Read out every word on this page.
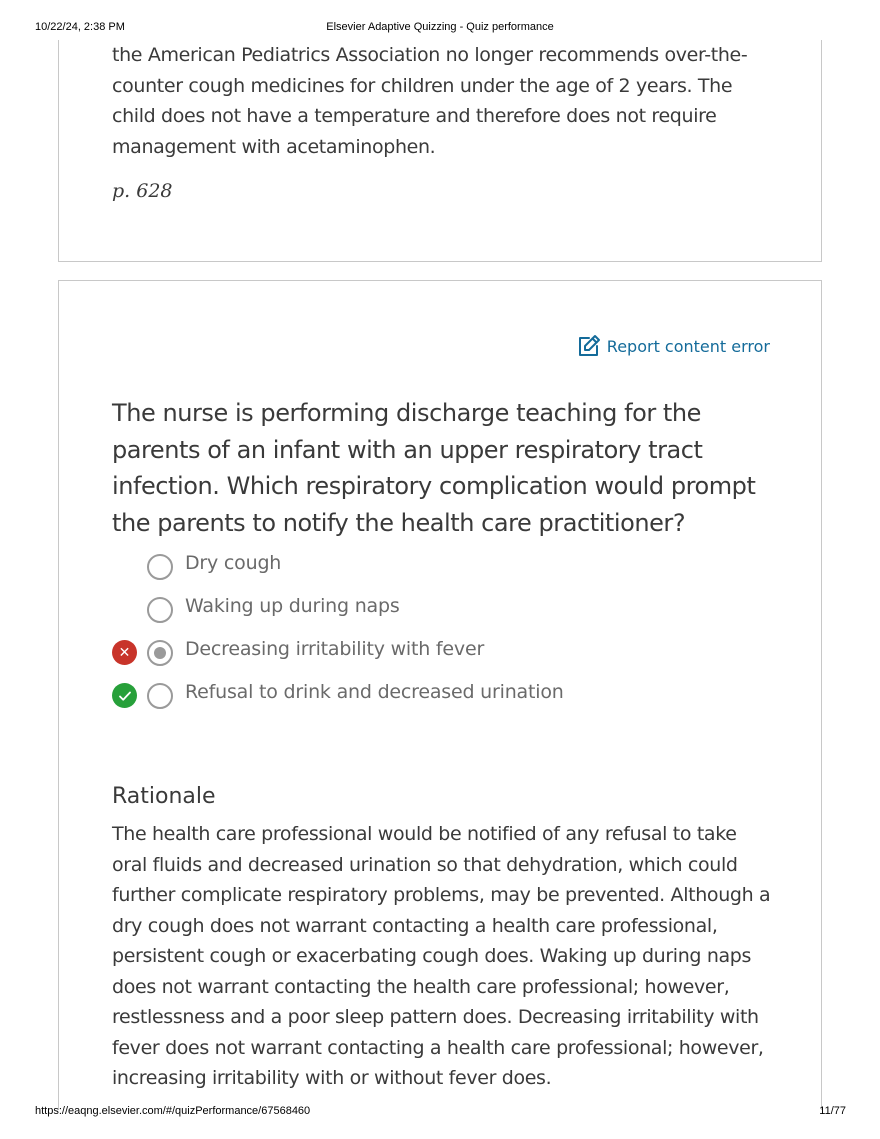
10/22/24, 2:38 PM	Elsevier Adaptive Quizzing - Quiz performance

the American Pediatrics Association no longer recommends over-the-counter cough medicines for children under the age of 2 years. The child does not have a temperature and therefore does not require management with acetaminophen.

p. 628
Report content error

The nurse is performing discharge teaching for the parents of an infant with an upper respiratory tract infection. Which respiratory complication would prompt the parents to notify the health care practitioner?

Dry cough
Waking up during naps
✕	Decreasing irritability with fever
Refusal to drink and decreased urination
Rationale

The health care professional would be notified of any refusal to take oral fluids and decreased urination so that dehydration, which could further complicate respiratory problems, may be prevented. Although a dry cough does not warrant contacting a health care professional, persistent cough or exacerbating cough does. Waking up during naps does not warrant contacting the health care professional; however, restlessness and a poor sleep pattern does. Decreasing irritability with fever does not warrant contacting a health care professional; however, increasing irritability with or without fever does.

https://eaqng.elsevier.com/#/quizPerformance/67568460	11/77
